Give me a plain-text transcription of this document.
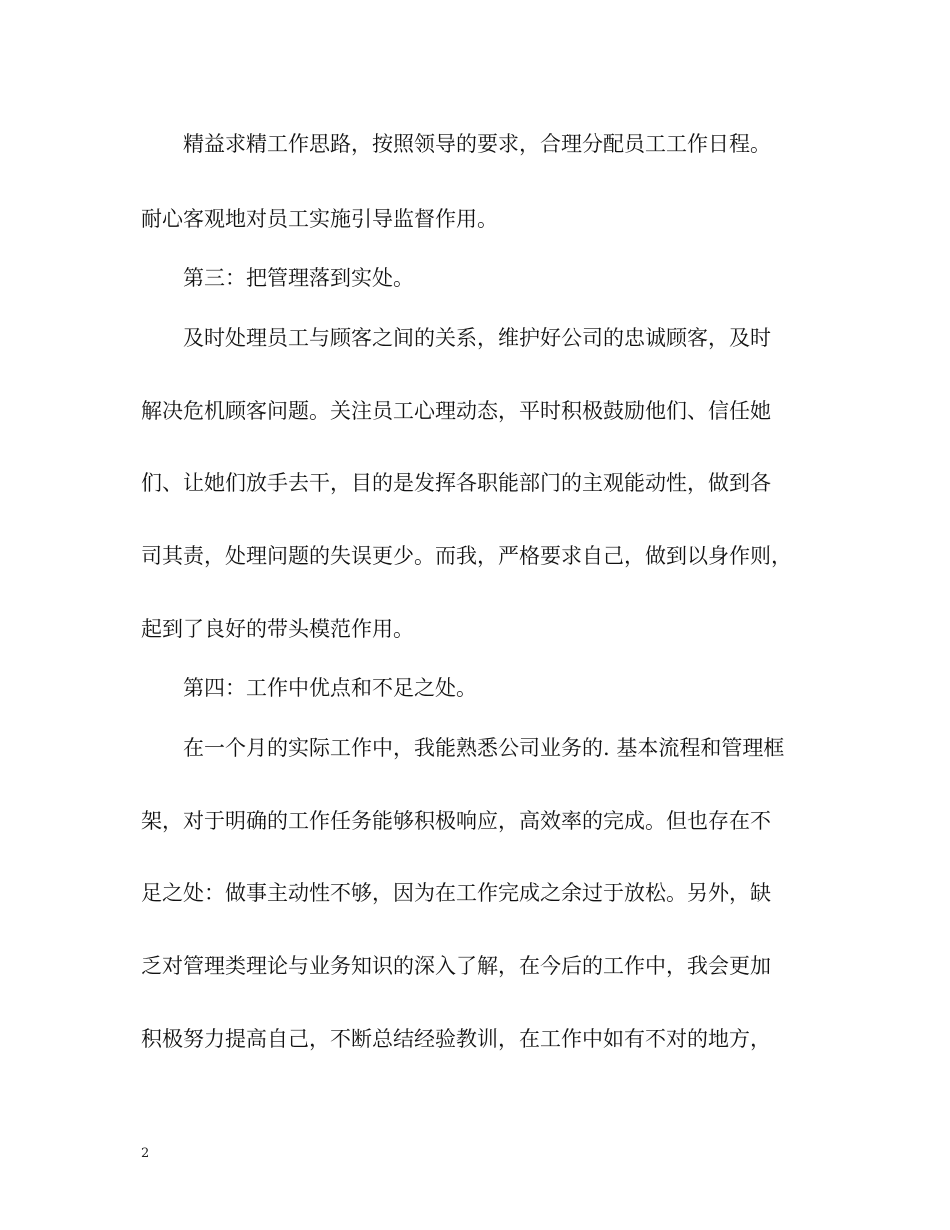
精益求精工作思路，按照领导的要求，合理分配员工工作日程。
耐心客观地对员工实施引导监督作用。
第三：把管理落到实处。
及时处理员工与顾客之间的关系，维护好公司的忠诚顾客，及时
解决危机顾客问题。关注员工心理动态，平时积极鼓励他们、信任她
们、让她们放手去干，目的是发挥各职能部门的主观能动性，做到各
司其责，处理问题的失误更少。而我，严格要求自己，做到以身作则，
起到了良好的带头模范作用。
第四：工作中优点和不足之处。
在一个月的实际工作中，我能熟悉公司业务的. 基本流程和管理框
架，对于明确的工作任务能够积极响应，高效率的完成。但也存在不
足之处：做事主动性不够，因为在工作完成之余过于放松。另外，缺
乏对管理类理论与业务知识的深入了解，在今后的工作中，我会更加
积极努力提高自己，不断总结经验教训，在工作中如有不对的地方，
2
